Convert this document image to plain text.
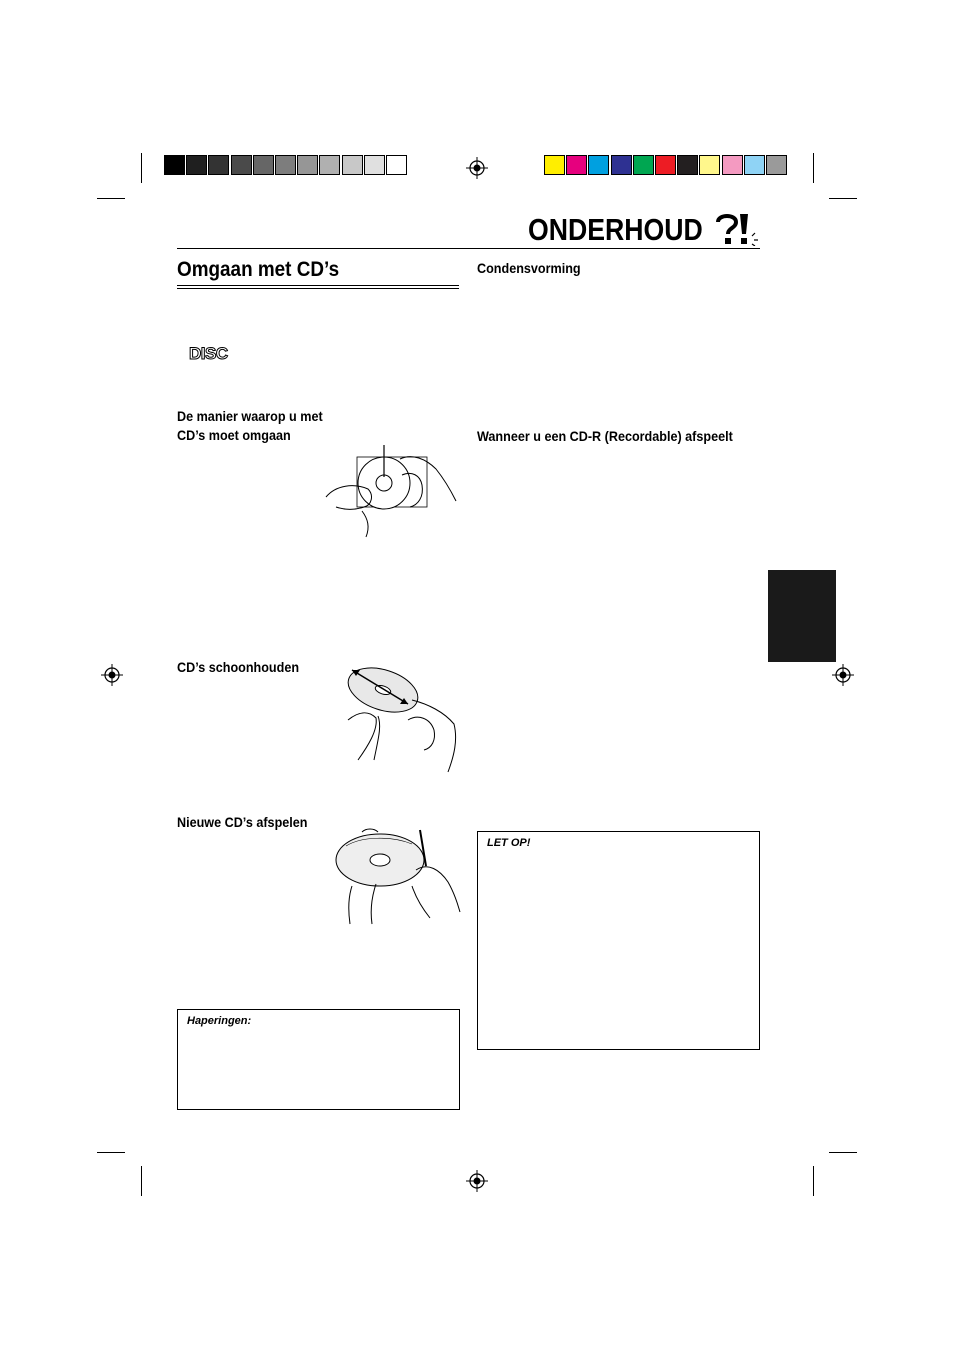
ONDERHOUD
Omgaan met CD’s
DISC
De manier waarop u met
CD’s moet omgaan
CD’s schoonhouden
Nieuwe CD’s afspelen
Haperingen:
Condensvorming
Wanneer u een CD-R (Recordable) afspeelt
LET OP!
